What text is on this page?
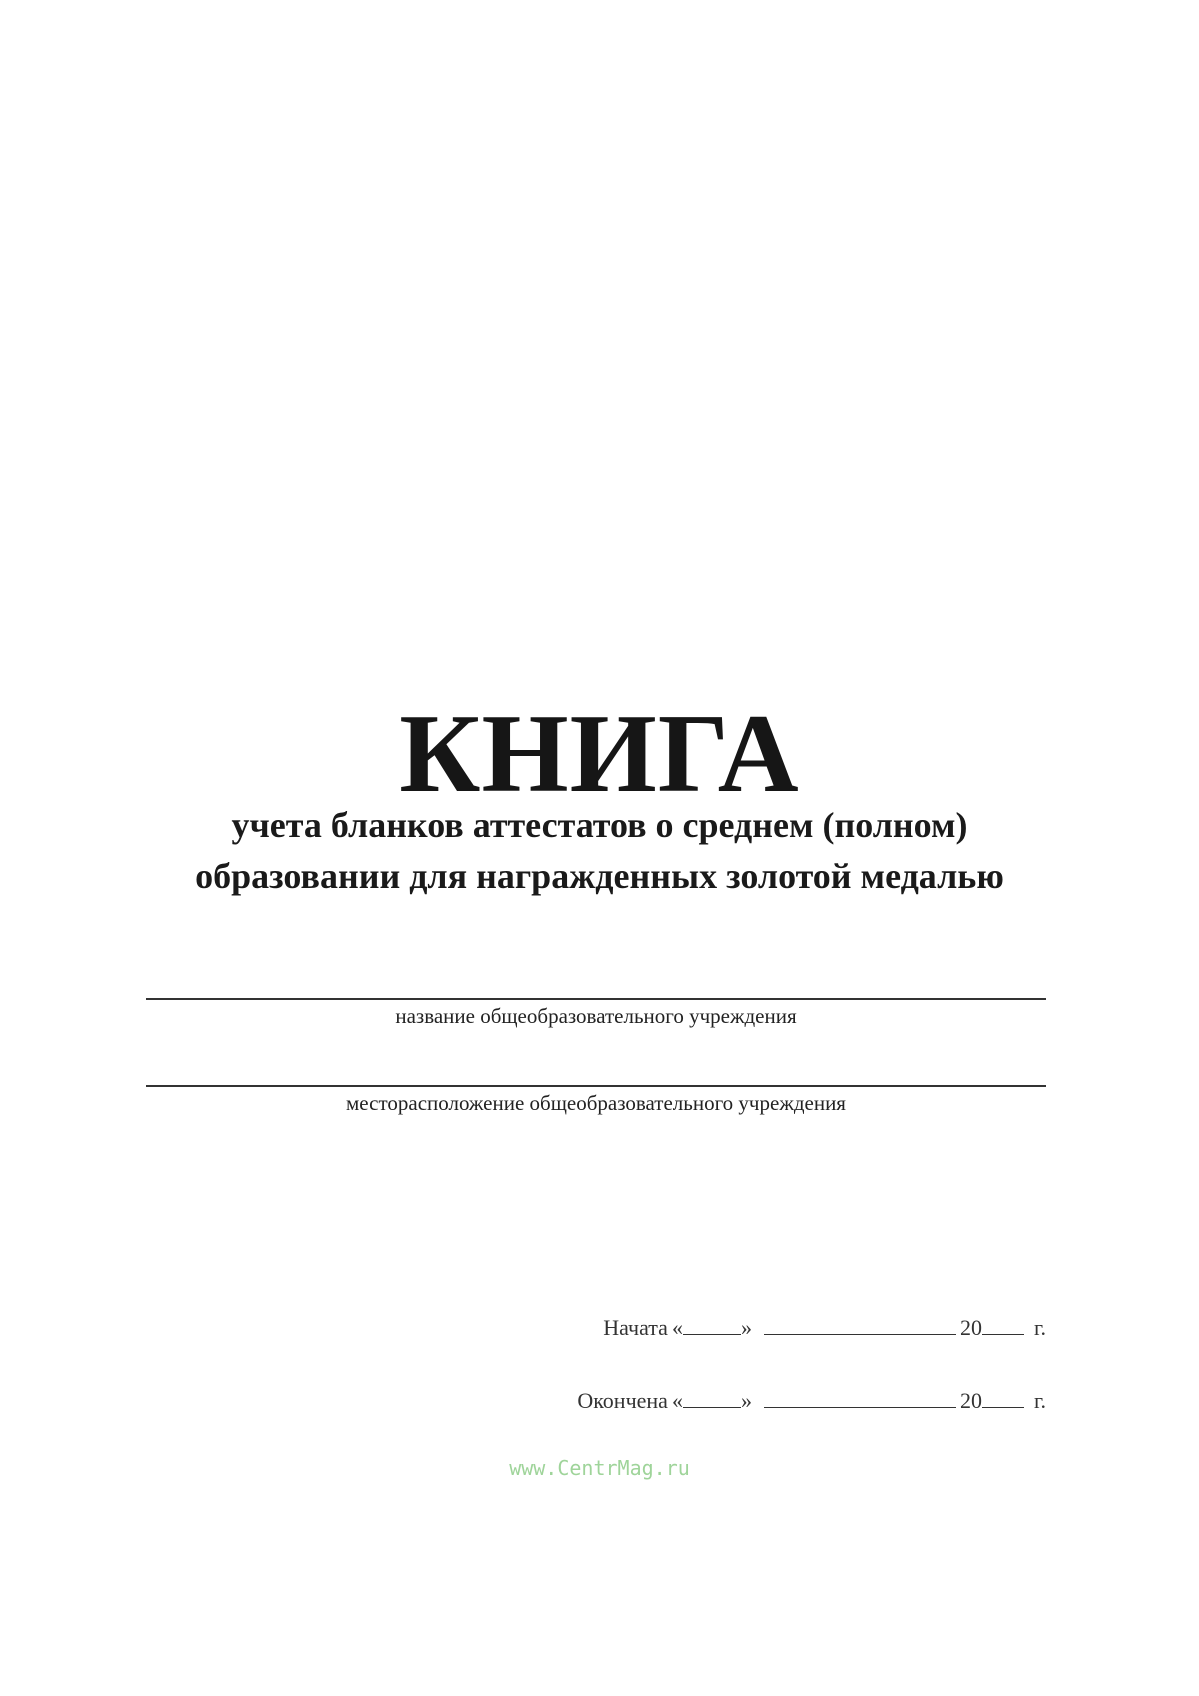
КНИГА
учета бланков аттестатов о среднем (полном)
образовании для награжденных золотой медалью
название общеобразовательного учреждения
месторасположение общеобразовательного учреждения
Начата «	»	20 г.
Окончена «	»	20 г.
www.CentrMag.ru
